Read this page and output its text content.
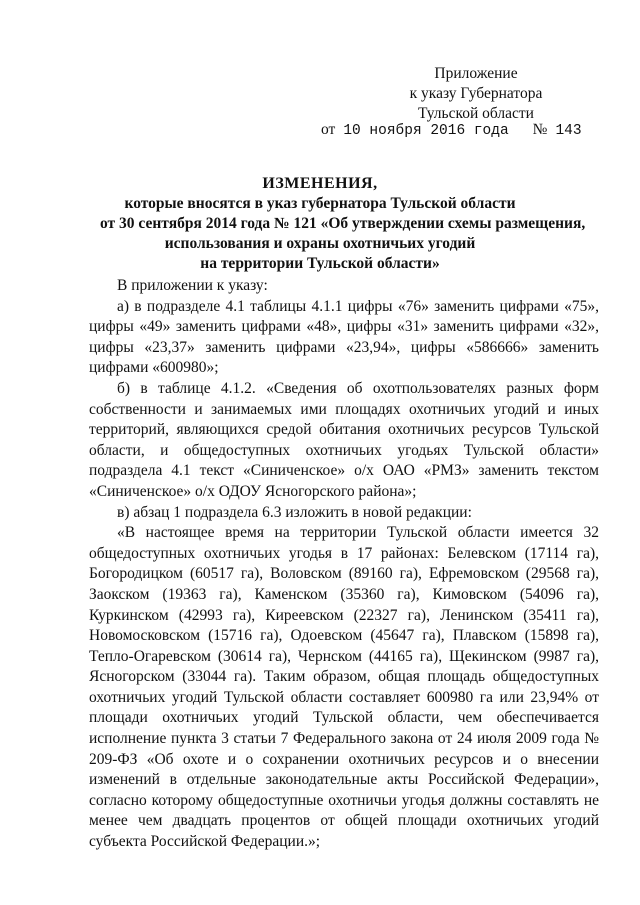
Приложение
к указу Губернатора
Тульской области
от 10 ноября 2016 года № 143
ИЗМЕНЕНИЯ,
которые вносятся в указ губернатора Тульской области
от 30 сентября 2014 года № 121 «Об утверждении схемы размещения,
использования и охраны охотничьих угодий
на территории Тульской области»

В приложении к указу:

а) в подразделе 4.1 таблицы 4.1.1 цифры «76» заменить цифрами «75», цифры «49» заменить цифрами «48», цифры «31» заменить цифрами «32», цифры «23,37» заменить цифрами «23,94», цифры «586666» заменить цифрами «600980»;

б) в таблице 4.1.2. «Сведения об охотпользователях разных форм собственности и занимаемых ими площадях охотничьих угодий и иных территорий, являющихся средой обитания охотничьих ресурсов Тульской области, и общедоступных охотничьих угодьях Тульской области» подраздела 4.1 текст «Синиченское» о/х ОАО «РМЗ» заменить текстом «Синиченское» о/х ОДОУ Ясногорского района»;

в) абзац 1 подраздела 6.3 изложить в новой редакции:

«В настоящее время на территории Тульской области имеется 32 общедоступных охотничьих угодья в 17 районах: Белевском (17114 га), Богородицком (60517 га), Воловском (89160 га), Ефремовском (29568 га), Заокском (19363 га), Каменском (35360 га), Кимовском (54096 га), Куркинском (42993 га), Киреевском (22327 га), Ленинском (35411 га), Новомосковском (15716 га), Одоевском (45647 га), Плавском (15898 га), Тепло-Огаревском (30614 га), Чернском (44165 га), Щекинском (9987 га), Ясногорском (33044 га). Таким образом, общая площадь общедоступных охотничьих угодий Тульской области составляет 600980 га или 23,94% от площади охотничьих угодий Тульской области, чем обеспечивается исполнение пункта 3 статьи 7 Федерального закона от 24 июля 2009 года № 209-ФЗ «Об охоте и о сохранении охотничьих ресурсов и о внесении изменений в отдельные законодательные акты Российской Федерации», согласно которому общедоступные охотничьи угодья должны составлять не менее чем двадцать процентов от общей площади охотничьих угодий субъекта Российской Федерации.»;
